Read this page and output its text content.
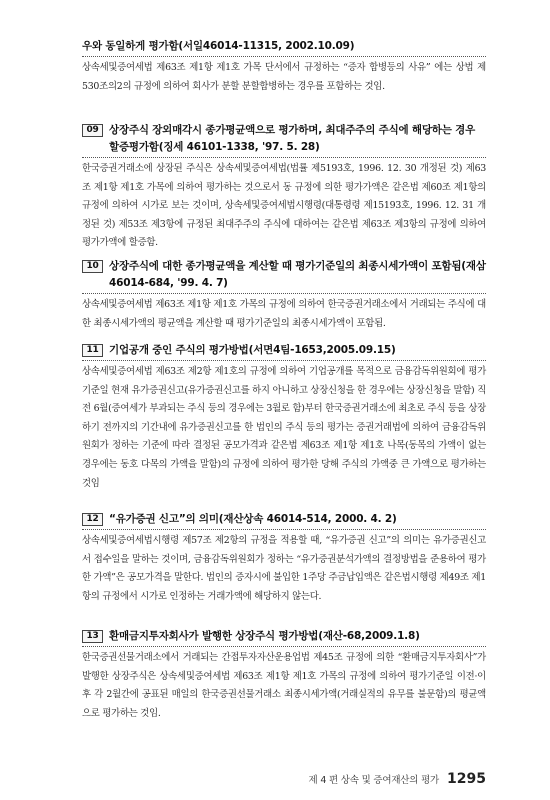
우와 동일하게 평가함(서일46014-11315, 2002.10.09)
상속세및증여세법 제63조 제1항 제1호 가목 단서에서 규정하는 “증자 합병등의 사유” 에는 상법 제530조의2의 규정에 의하여 회사가 분할 분할합병하는 경우를 포함하는 것임.
09 상장주식 장외매각시 종가평균액으로 평가하며, 최대주주의 주식에 해당하는 경우 할증평가함(징세 46101-1338, '97. 5. 28)
한국증권거래소에 상장된 주식은 상속세및증여세법(법률 제5193호, 1996. 12. 30 개정된 것) 제63조 제1항 제1호 가목에 의하여 평가하는 것으로서 동 규정에 의한 평가가액은 같은법 제60조 제1항의 규정에 의하여 시가로 보는 것이며, 상속세및증여세법시행령(대통령령 제15193호, 1996. 12. 31 개정된 것) 제53조 제3항에 규정된 최대주주의 주식에 대하여는 같은법 제63조 제3항의 규정에 의하여 평가가액에 할증함.
10 상장주식에 대한 종가평균액을 계산할 때 평가기준일의 최종시세가액이 포함됨(재삼 46014-684, '99. 4. 7)
상속세및증여세법 제63조 제1항 제1호 가목의 규정에 의하여 한국증권거래소에서 거래되는 주식에 대한 최종시세가액의 평균액을 계산할 때 평가기준일의 최종시세가액이 포함됨.
11 기업공개 중인 주식의 평가방법(서면4팀-1653,2005.09.15)
상속세및증여세법 제63조 제2항 제1호의 규정에 의하여 기업공개를 목적으로 금융감독위원회에 평가기준일 현재 유가증권신고(유가증권신고를 하지 아니하고 상장신청을 한 경우에는 상장신청을 말함) 직전 6월(증여세가 부과되는 주식 등의 경우에는 3월로 함)부터 한국증권거래소에 최초로 주식 등을 상장하기 전까지의 기간내에 유가증권신고를 한 법인의 주식 등의 평가는 증권거래법에 의하여 금융감독위원회가 정하는 기준에 따라 결정된 공모가격과 같은법 제63조 제1항 제1호 나목(동목의 가액이 없는 경우에는 동호 다목의 가액을 말함)의 규정에 의하여 평가한 당해 주식의 가액중 큰 가액으로 평가하는 것임
12 “유가증권 신고”의 의미(재산상속 46014-514, 2000. 4. 2)
상속세및증여세법시행령 제57조 제2항의 규정을 적용할 때, “유가증권 신고”의 의미는 유가증권신고서 접수일을 말하는 것이며, 금융감독위원회가 정하는 “유가증권분석가액의 결정방법을 준용하여 평가한 가액”은 공모가격을 말한다. 법인의 증자시에 불입한 1주당 주금납입액은 같은법시행령 제49조 제1항의 규정에서 시가로 인정하는 거래가액에 해당하지 않는다.
13 환매금지투자회사가 발행한 상장주식 평가방법(재산-68,2009.1.8)
한국증권선물거래소에서 거래되는 간접투자자산운용업법 제45조 규정에 의한 “환매금지투자회사”가 발행한 상장주식은 상속세및증여세법 제63조 제1항 제1호 가목의 규정에 의하여 평가기준일 이전·이후 각 2월간에 공표된 매일의 한국증권선물거래소 최종시세가액(거래실적의 유무를 불문함)의 평균액으로 평가하는 것임.
제 4 편 상속 및 증여재산의 평가 1295
